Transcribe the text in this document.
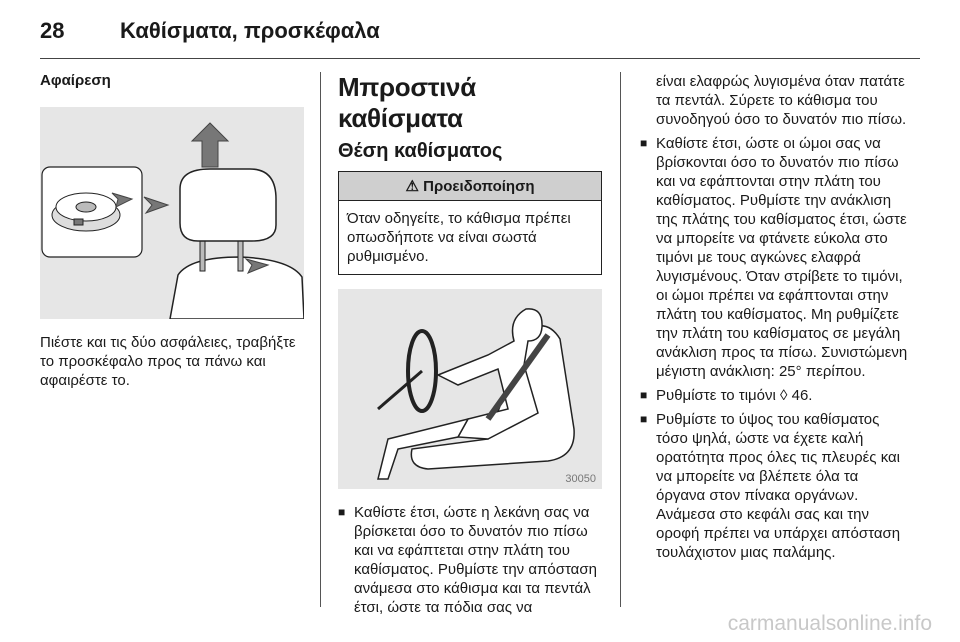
28	Καθίσματα, προσκέφαλα

Αφαίρεση

Πιέστε και τις δύο ασφάλειες, τραβήξτε το προσκέφαλο προς τα πάνω και αφαιρέστε το.

Μπροστινά καθίσματα
Θέση καθίσματος
⚠ Προειδοποίηση
Όταν οδηγείτε, το κάθισμα πρέπει οπωσδήποτε να είναι σωστά ρυθμισμένο.
30050
■ Καθίστε έτσι, ώστε η λεκάνη σας να βρίσκεται όσο το δυνατόν πιο πίσω και να εφάπτεται στην πλάτη του καθίσματος. Ρυθμίστε την απόσταση ανάμεσα στο κάθισμα και τα πεντάλ έτσι, ώστε τα πόδια σας να
είναι ελαφρώς λυγισμένα όταν πατάτε τα πεντάλ. Σύρετε το κάθισμα του συνοδηγού όσο το δυνατόν πιο πίσω.
■ Καθίστε έτσι, ώστε οι ώμοι σας να βρίσκονται όσο το δυνατόν πιο πίσω και να εφάπτονται στην πλάτη του καθίσματος. Ρυθμίστε την ανάκλιση της πλάτης του καθίσματος έτσι, ώστε να μπορείτε να φτάνετε εύκολα στο τιμόνι με τους αγκώνες ελαφρά λυγισμένους. Όταν στρίβετε το τιμόνι, οι ώμοι πρέπει να εφάπτονται στην πλάτη του καθίσματος. Μη ρυθμίζετε την πλάτη του καθίσματος σε μεγάλη ανάκλιση προς τα πίσω. Συνιστώμενη μέγιστη ανάκλιση: 25° περίπου.
■ Ρυθμίστε το τιμόνι ◊ 46.
■ Ρυθμίστε το ύψος του καθίσματος τόσο ψηλά, ώστε να έχετε καλή ορατότητα προς όλες τις πλευρές και να μπορείτε να βλέπετε όλα τα όργανα στον πίνακα οργάνων. Ανάμεσα στο κεφάλι σας και την οροφή πρέπει να υπάρχει απόσταση τουλάχιστον μιας παλάμης.
carmanualsonline.info
